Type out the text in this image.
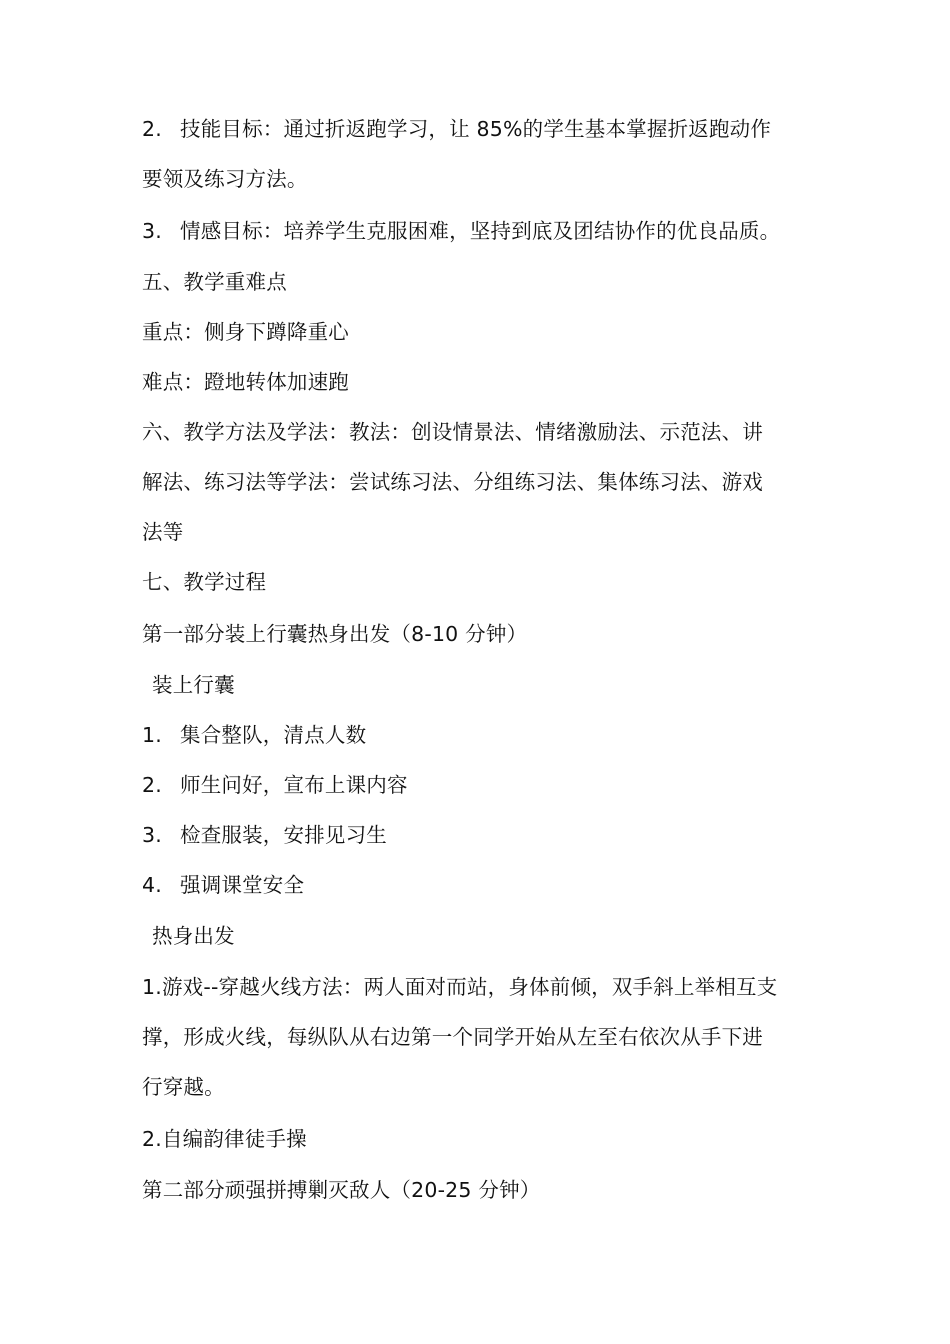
2. 技能目标：通过折返跑学习，让 85%的学生基本掌握折返跑动作
要领及练习方法。
3. 情感目标：培养学生克服困难，坚持到底及团结协作的优良品质。
五、教学重难点
重点：侧身下蹲降重心
难点：蹬地转体加速跑
六、教学方法及学法：教法：创设情景法、情绪激励法、示范法、讲
解法、练习法等学法：尝试练习法、分组练习法、集体练习法、游戏
法等
七、教学过程
第一部分装上行囊热身出发（8-10 分钟）
装上行囊
1. 集合整队，清点人数
2. 师生问好，宣布上课内容
3. 检查服装，安排见习生
4. 强调课堂安全
热身出发
1.游戏--穿越火线方法：两人面对而站，身体前倾，双手斜上举相互支
撑，形成火线，每纵队从右边第一个同学开始从左至右依次从手下进
行穿越。
2.自编韵律徒手操
第二部分顽强拼搏剿灭敌人（20-25 分钟）
